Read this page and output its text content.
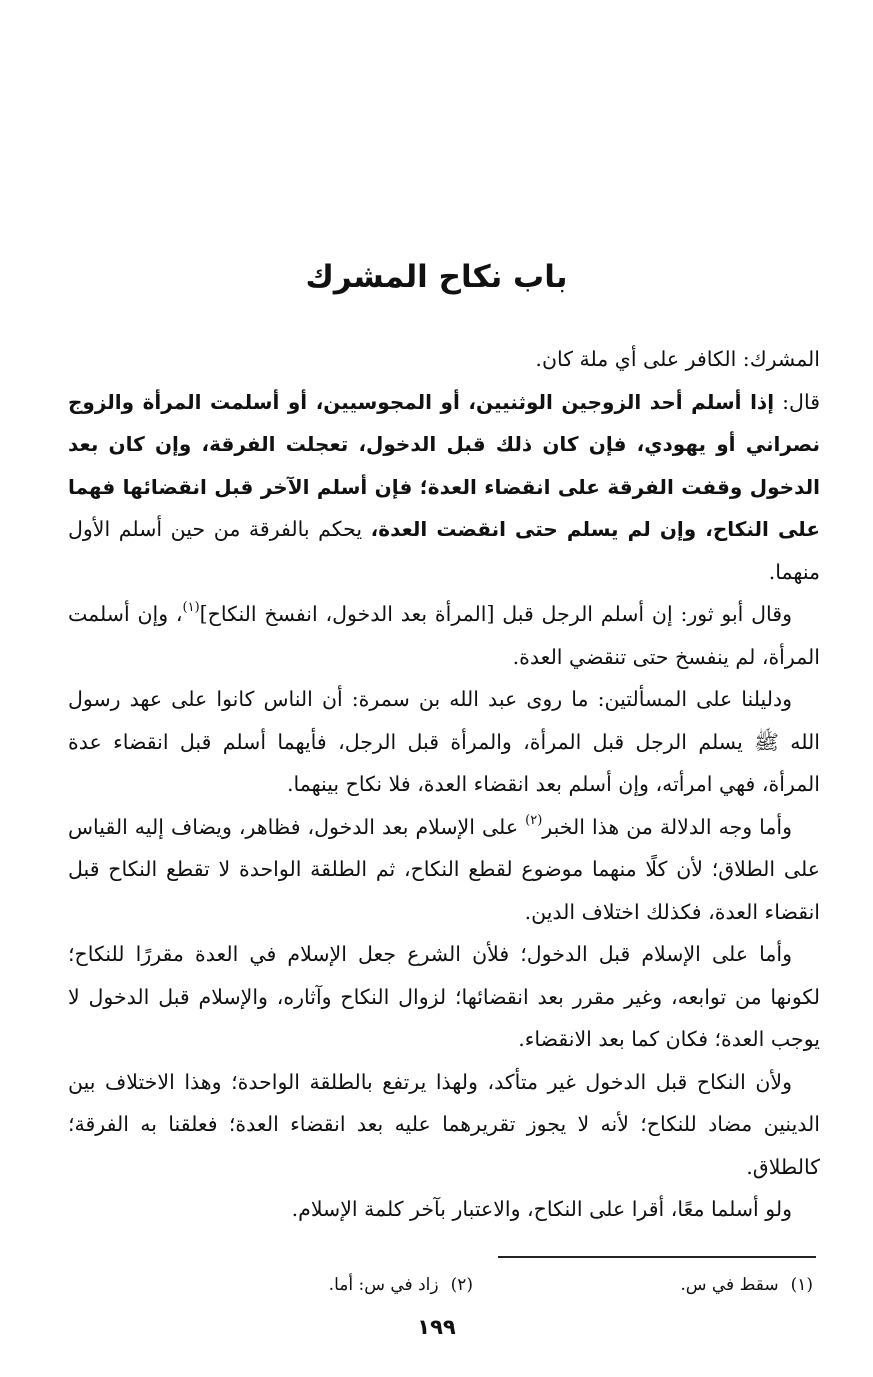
باب نكاح المشرك

المشرك: الكافر على أي ملة كان.

قال: إذا أسلم أحد الزوجين الوثنيين، أو المجوسيين، أو أسلمت المرأة والزوج نصراني أو يهودي، فإن كان ذلك قبل الدخول، تعجلت الفرقة، وإن كان بعد الدخول وقفت الفرقة على انقضاء العدة؛ فإن أسلم الآخر قبل انقضائها فهما على النكاح، وإن لم يسلم حتى انقضت العدة، يحكم بالفرقة من حين أسلم الأول منهما.

وقال أبو ثور: إن أسلم الرجل قبل [المرأة بعد الدخول، انفسخ النكاح]$^{(١)}$، وإن أسلمت المرأة، لم ينفسخ حتى تنقضي العدة.

ودليلنا على المسألتين: ما روى عبد الله بن سمرة: أن الناس كانوا على عهد رسول الله ﷺ يسلم الرجل قبل المرأة، والمرأة قبل الرجل، فأيهما أسلم قبل انقضاء عدة المرأة، فهي امرأته، وإن أسلم بعد انقضاء العدة، فلا نكاح بينهما.

وأما وجه الدلالة من هذا الخبر$^{(٢)}$ على الإسلام بعد الدخول، فظاهر، ويضاف إليه القياس على الطلاق؛ لأن كلًا منهما موضوع لقطع النكاح، ثم الطلقة الواحدة لا تقطع النكاح قبل انقضاء العدة، فكذلك اختلاف الدين.

وأما على الإسلام قبل الدخول؛ فلأن الشرع جعل الإسلام في العدة مقررًا للنكاح؛ لكونها من توابعه، وغير مقرر بعد انقضائها؛ لزوال النكاح وآثاره، والإسلام قبل الدخول لا يوجب العدة؛ فكان كما بعد الانقضاء.

ولأن النكاح قبل الدخول غير متأكد، ولهذا يرتفع بالطلقة الواحدة؛ وهذا الاختلاف بين الدينين مضاد للنكاح؛ لأنه لا يجوز تقريرهما عليه بعد انقضاء العدة؛ فعلقنا به الفرقة؛ كالطلاق.

ولو أسلما معًا، أقرا على النكاح، والاعتبار بآخر كلمة الإسلام.

(١)سقط في س.
(٢)زاد في س: أما.
١٩٩
